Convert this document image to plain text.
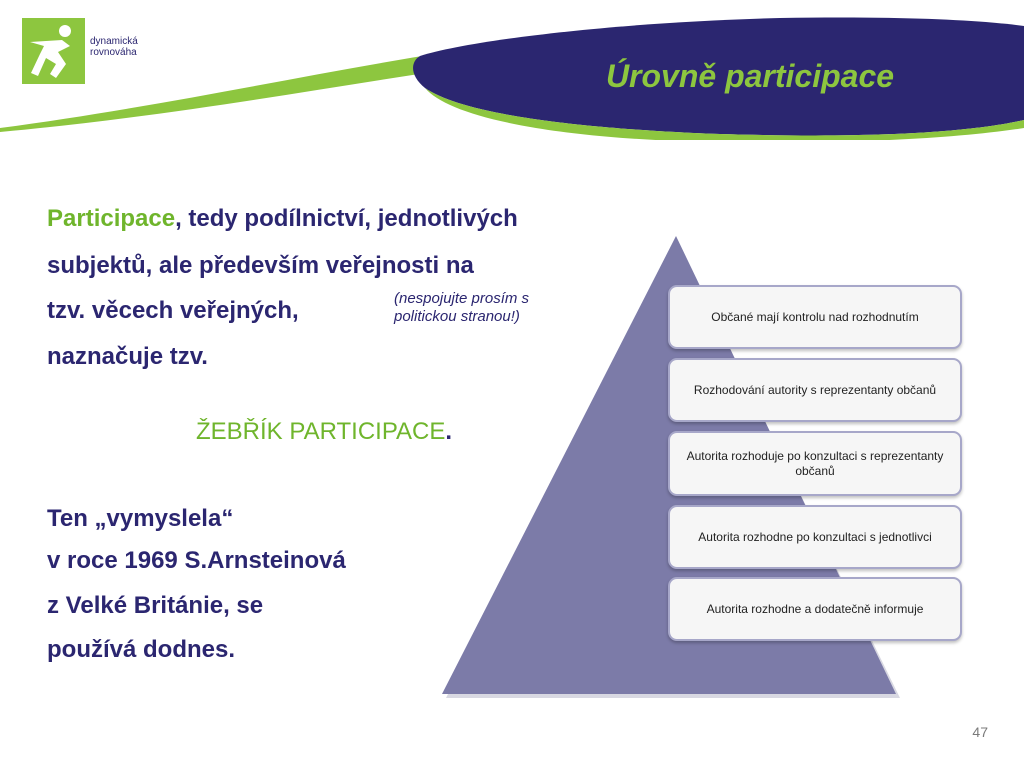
dynamická
rovnováha
Úrovně participace
Participace, tedy podílnictví, jednotlivých
subjektů, ale především veřejnosti na
tzv. věcech veřejných,
naznačuje tzv.
(nespojujte prosím s
politickou stranou!)
ŽEBŘÍK PARTICIPACE.
Ten „vymyslela“
v roce 1969 S.Arnsteinová
z Velké Británie, se
používá dodnes.
Občané mají kontrolu nad rozhodnutím
Rozhodování autority s reprezentanty občanů
Autorita rozhoduje po konzultaci s reprezentanty občanů
Autorita rozhodne po konzultaci s jednotlivci
Autorita rozhodne a dodatečně informuje
47
